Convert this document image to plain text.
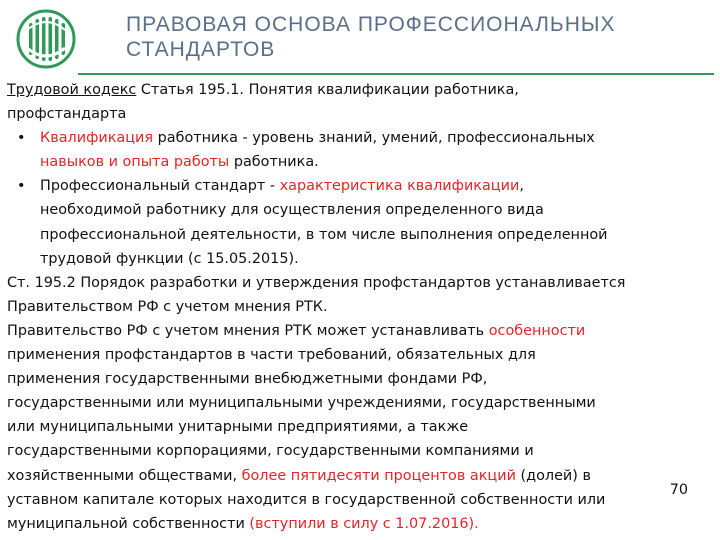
ПРАВОВАЯ ОСНОВА ПРОФЕССИОНАЛЬНЫХ СТАНДАРТОВ
Трудовой кодекс Статья 195.1. Понятия квалификации работника,
профстандарта
• Квалификация работника - уровень знаний, умений, профессиональных
навыков и опыта работы работника.
• Профессиональный стандарт - характеристика квалификации,
необходимой работнику для осуществления определенного вида
профессиональной деятельности, в том числе выполнения определенной
трудовой функции (с 15.05.2015).
Ст. 195.2 Порядок разработки и утверждения профстандартов устанавливается
Правительством РФ с учетом мнения РТК.
Правительство РФ с учетом мнения РТК может устанавливать особенности
применения профстандартов в части требований, обязательных для
применения государственными внебюджетными фондами РФ,
государственными или муниципальными учреждениями, государственными
или муниципальными унитарными предприятиями, а также
государственными корпорациями, государственными компаниями и
хозяйственными обществами, более пятидесяти процентов акций (долей) в
уставном капитале которых находится в государственной собственности или
муниципальной собственности (вступили в силу с 1.07.2016).
70
